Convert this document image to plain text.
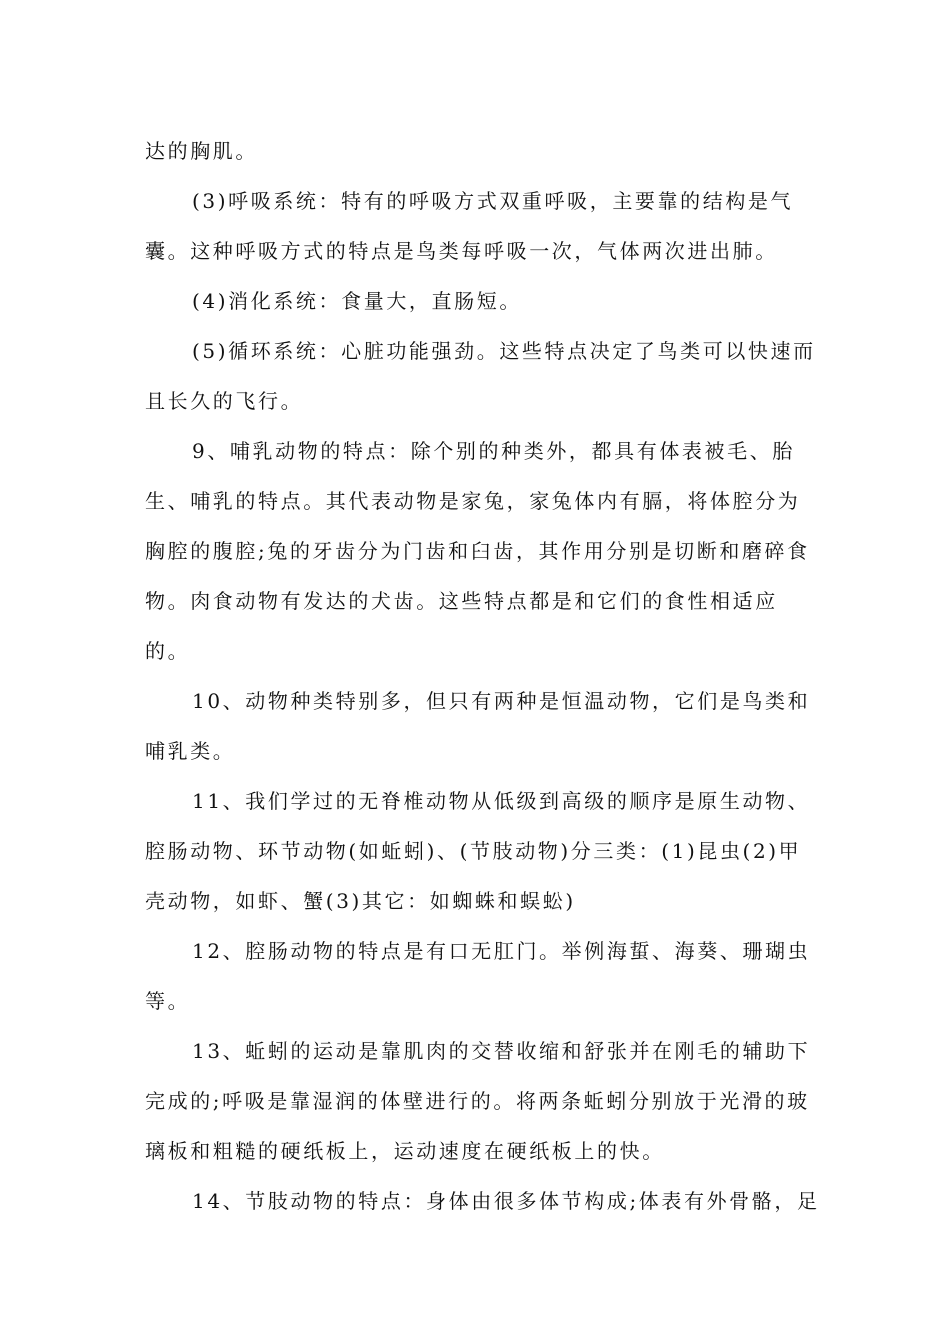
达的胸肌。
(3)呼吸系统：特有的呼吸方式双重呼吸，主要靠的结构是气
囊。这种呼吸方式的特点是鸟类每呼吸一次，气体两次进出肺。
(4)消化系统：食量大，直肠短。
(5)循环系统：心脏功能强劲。这些特点决定了鸟类可以快速而
且长久的飞行。
9、哺乳动物的特点：除个别的种类外，都具有体表被毛、胎
生、哺乳的特点。其代表动物是家兔，家兔体内有膈，将体腔分为
胸腔的腹腔;兔的牙齿分为门齿和臼齿，其作用分别是切断和磨碎食
物。肉食动物有发达的犬齿。这些特点都是和它们的食性相适应
的。
10、动物种类特别多，但只有两种是恒温动物，它们是鸟类和
哺乳类。
11、我们学过的无脊椎动物从低级到高级的顺序是原生动物、
腔肠动物、环节动物(如蚯蚓)、(节肢动物)分三类：(1)昆虫(2)甲
壳动物，如虾、蟹(3)其它：如蜘蛛和蜈蚣)
12、腔肠动物的特点是有口无肛门。举例海蜇、海葵、珊瑚虫
等。
13、蚯蚓的运动是靠肌肉的交替收缩和舒张并在刚毛的辅助下
完成的;呼吸是靠湿润的体壁进行的。将两条蚯蚓分别放于光滑的玻
璃板和粗糙的硬纸板上，运动速度在硬纸板上的快。
14、节肢动物的特点：身体由很多体节构成;体表有外骨骼，足
